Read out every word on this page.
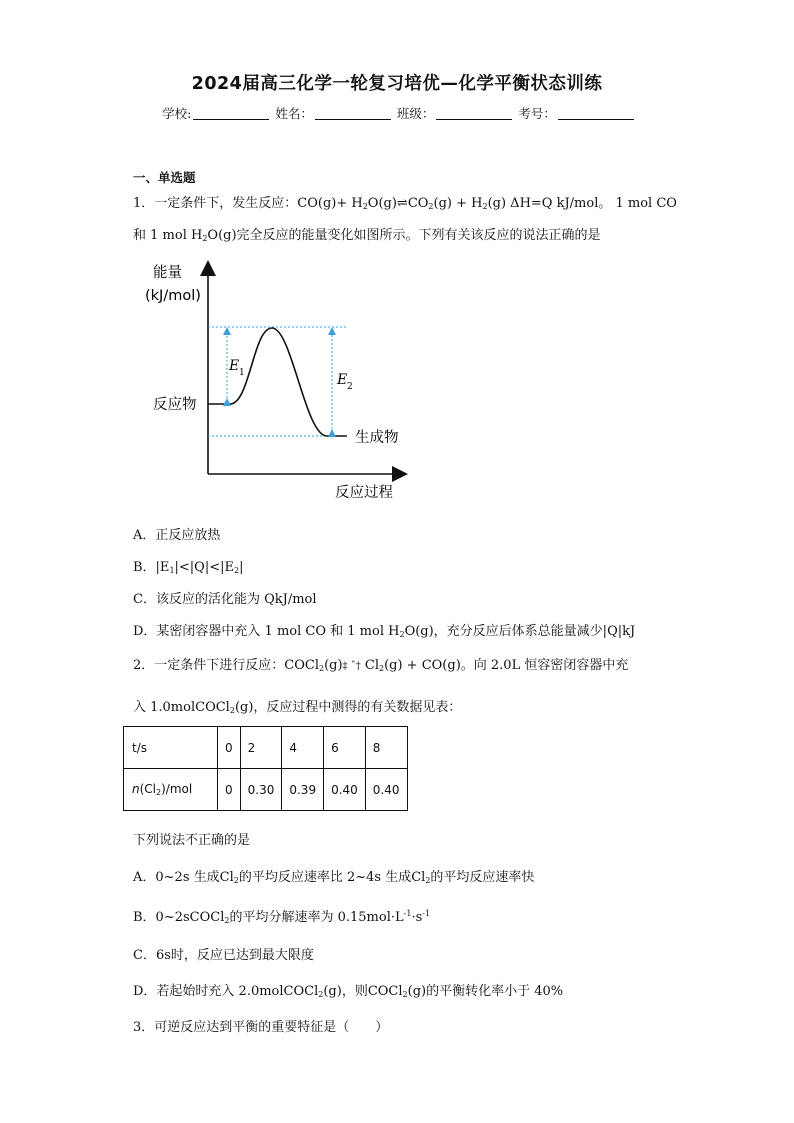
2024届高三化学一轮复习培优—化学平衡状态训练
学校:	姓名：	班级：	考号：
一、单选题
1．一定条件下，发生反应：$CO(g)+ H_2O(g)\rightleftharpoons CO_2(g) + H_2(g)$ ΔH=Q kJ/mol。 1 mol CO
和 1 mol $H_2O(g)$完全反应的能量变化如图所示。下列有关该反应的说法正确的是
能量
(kJ/mol)
反应物
生成物
反应过程
E 1	E 2
A．正反应放热
B．$|E_1|<|Q|<|E_2|$
C．该反应的活化能为 QkJ/mol
D．某密闭容器中充入 1 mol CO 和 1 mol $H_2O(g)$，充分反应后体系总能量减少|Q|kJ
2．一定条件下进行反应：COCl$_2$(g)‡ ˆ† $Cl_2(g) + CO(g)$。向 2.0L 恒容密闭容器中充
入 1.0molCOCl$_2$(g)，反应过程中测得的有关数据见表：
t/s	0	2	4	6	8
$n(Cl_2)$/mol	0	0.30	0.39	0.40	0.40
下列说法不正确的是
A．0~2s 生成$Cl_2$的平均反应速率比 2~4s 生成$Cl_2$的平均反应速率快
B．0~2sCOCl$_2$的平均分解速率为 $0.15mol\cdot L^{-1}\cdot s^{-1}$
C．6s时，反应已达到最大限度
D．若起始时充入 2.0molCOCl$_2$(g)，则COCl$_2$(g)的平衡转化率小于 40%
3．可逆反应达到平衡的重要特征是（　　）
